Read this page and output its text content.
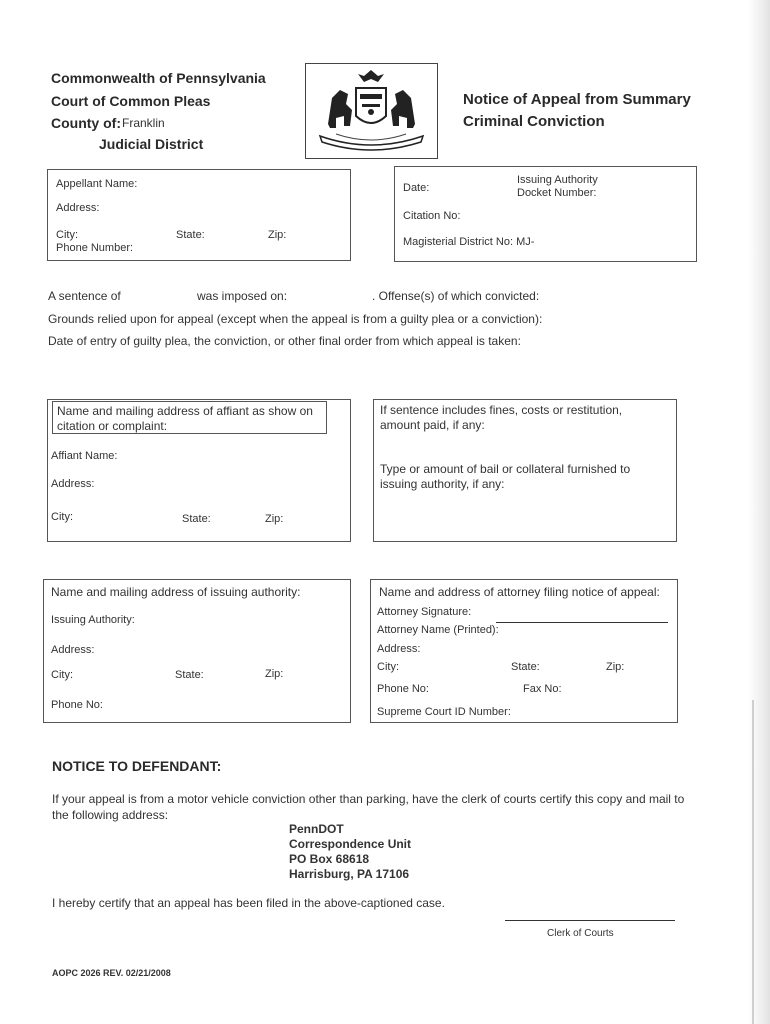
Commonwealth of Pennsylvania
Court of Common Pleas
County of: Franklin
Judicial District
Notice of Appeal from Summary
Criminal Conviction
Appellant Name:
Address:
City:	State:	Zip:
Phone Number:
Date:
Issuing Authority
Docket Number:
Citation No:
Magisterial District No: MJ-
A sentence of	was imposed on:	. Offense(s) of which convicted:
Grounds relied upon for appeal (except when the appeal is from a guilty plea or a conviction):
Date of entry of guilty plea, the conviction, or other final order from which appeal is taken:
Name and mailing address of affiant as show on citation or complaint:
Affiant Name:
Address:
City:	State:	Zip:
If sentence includes fines, costs or restitution, amount paid, if any:
Type or amount of bail or collateral furnished to issuing authority, if any:
Name and mailing address of issuing authority:
Issuing Authority:
Address:
City:	State:	Zip:
Phone No:
Name and address of attorney filing notice of appeal:
Attorney Signature:
Attorney Name (Printed):
Address:
City:	State:	Zip:
Phone No:	Fax No:
Supreme Court ID Number:
NOTICE TO DEFENDANT:
If your appeal is from a motor vehicle conviction other than parking, have the clerk of courts certify this copy and mail to the following address:
PennDOT
Correspondence Unit
PO Box 68618
Harrisburg, PA 17106
I hereby certify that an appeal has been filed in the above-captioned case.
Clerk of Courts
AOPC 2026 REV. 02/21/2008
